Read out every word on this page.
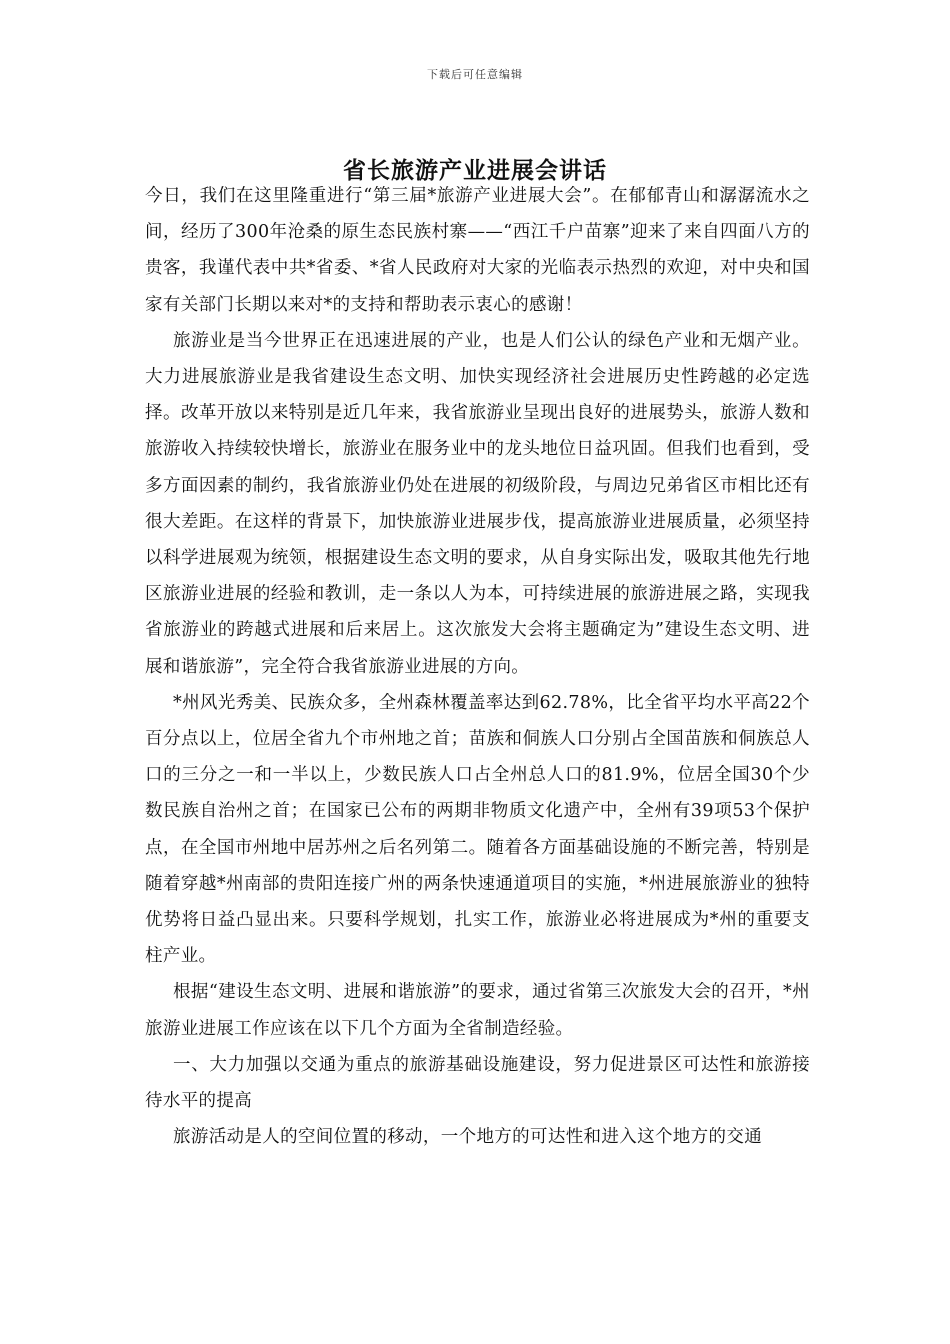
下载后可任意编辑
省长旅游产业进展会讲话

今日，我们在这里隆重进行“第三届*旅游产业进展大会”。在郁郁青山和潺潺流水之间，经历了300年沧桑的原生态民族村寨——“西江千户苗寨”迎来了来自四面八方的贵客，我谨代表中共*省委、*省人民政府对大家的光临表示热烈的欢迎，对中央和国家有关部门长期以来对*的支持和帮助表示衷心的感谢！

旅游业是当今世界正在迅速进展的产业，也是人们公认的绿色产业和无烟产业。大力进展旅游业是我省建设生态文明、加快实现经济社会进展历史性跨越的必定选择。改革开放以来特别是近几年来，我省旅游业呈现出良好的进展势头，旅游人数和旅游收入持续较快增长，旅游业在服务业中的龙头地位日益巩固。但我们也看到，受多方面因素的制约，我省旅游业仍处在进展的初级阶段，与周边兄弟省区市相比还有很大差距。在这样的背景下，加快旅游业进展步伐，提高旅游业进展质量，必须坚持以科学进展观为统领，根据建设生态文明的要求，从自身实际出发，吸取其他先行地区旅游业进展的经验和教训，走一条以人为本，可持续进展的旅游进展之路，实现我省旅游业的跨越式进展和后来居上。这次旅发大会将主题确定为”建设生态文明、进展和谐旅游”，完全符合我省旅游业进展的方向。

*州风光秀美、民族众多，全州森林覆盖率达到62.78%，比全省平均水平高22个百分点以上，位居全省九个市州地之首；苗族和侗族人口分别占全国苗族和侗族总人口的三分之一和一半以上，少数民族人口占全州总人口的81.9%，位居全国30个少数民族自治州之首；在国家已公布的两期非物质文化遗产中，全州有39项53个保护点，在全国市州地中居苏州之后名列第二。随着各方面基础设施的不断完善，特别是随着穿越*州南部的贵阳连接广州的两条快速通道项目的实施，*州进展旅游业的独特优势将日益凸显出来。只要科学规划，扎实工作，旅游业必将进展成为*州的重要支柱产业。

根据“建设生态文明、进展和谐旅游”的要求，通过省第三次旅发大会的召开，*州旅游业进展工作应该在以下几个方面为全省制造经验。

一、大力加强以交通为重点的旅游基础设施建设，努力促进景区可达性和旅游接待水平的提高

旅游活动是人的空间位置的移动，一个地方的可达性和进入这个地方的交通
